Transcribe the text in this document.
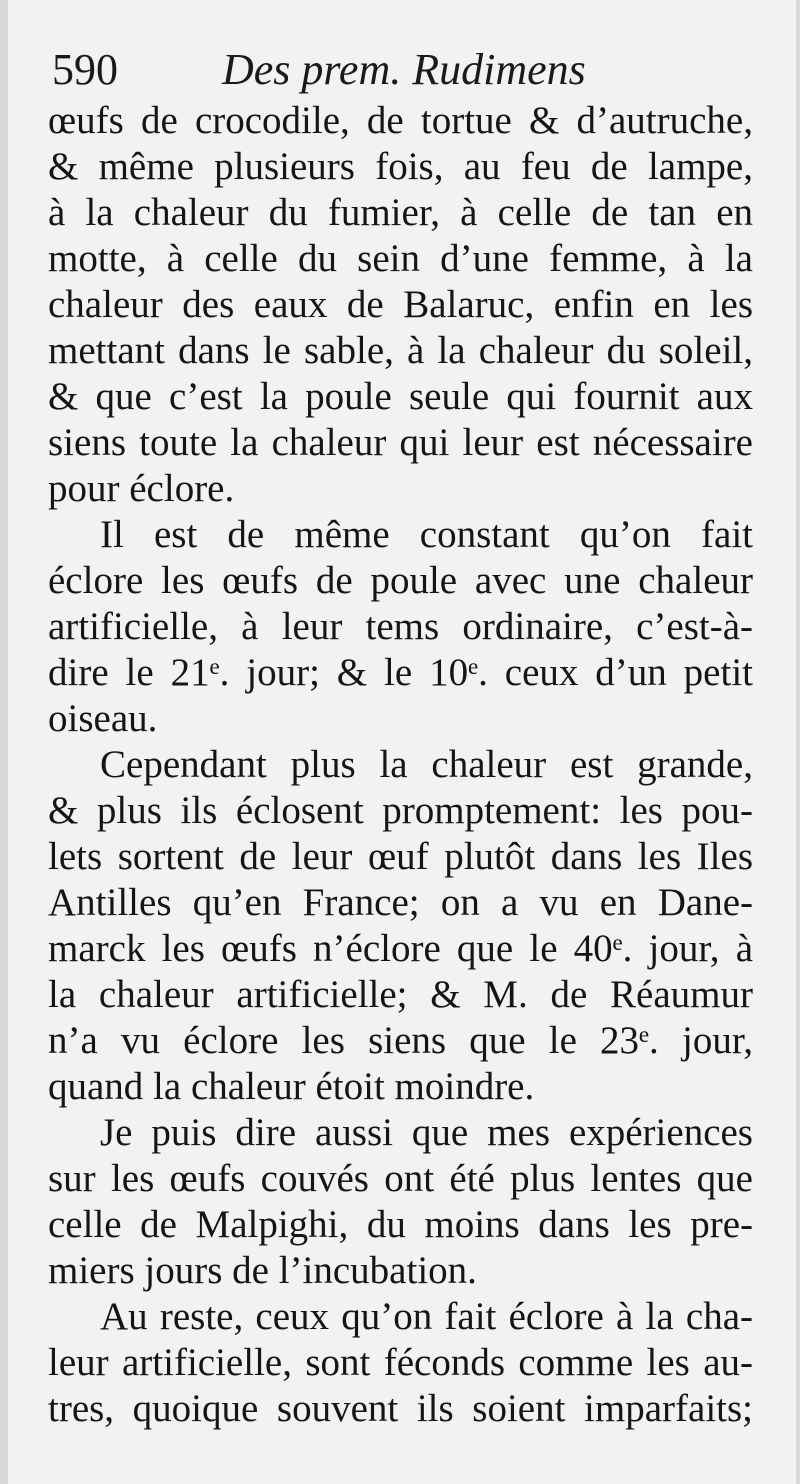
590 Des prem. Rudimens
œufs de crocodile, de tortue & d’autruche,
& même plusieurs fois, au feu de lampe,
à la chaleur du fumier, à celle de tan en
motte, à celle du sein d’une femme, à la
chaleur des eaux de Balaruc, enfin en les
mettant dans le sable, à la chaleur du soleil,
& que c’est la poule seule qui fournit aux
siens toute la chaleur qui leur est nécessaire
pour éclore.
Il est de même constant qu’on fait
éclore les œufs de poule avec une chaleur
artificielle, à leur tems ordinaire, c’est-à-
dire le 21ᵉ. jour; & le 10ᵉ. ceux d’un petit
oiseau.
Cependant plus la chaleur est grande,
& plus ils éclosent promptement: les pou-
lets sortent de leur œuf plutôt dans les Iles
Antilles qu’en France; on a vu en Dane-
marck les œufs n’éclore que le 40ᵉ. jour, à
la chaleur artificielle; & M. de Réaumur
n’a vu éclore les siens que le 23ᵉ. jour,
quand la chaleur étoit moindre.
Je puis dire aussi que mes expériences
sur les œufs couvés ont été plus lentes que
celle de Malpighi, du moins dans les pre-
miers jours de l’incubation.
Au reste, ceux qu’on fait éclore à la cha-
leur artificielle, sont féconds comme les au-
tres, quoique souvent ils soient imparfaits;
